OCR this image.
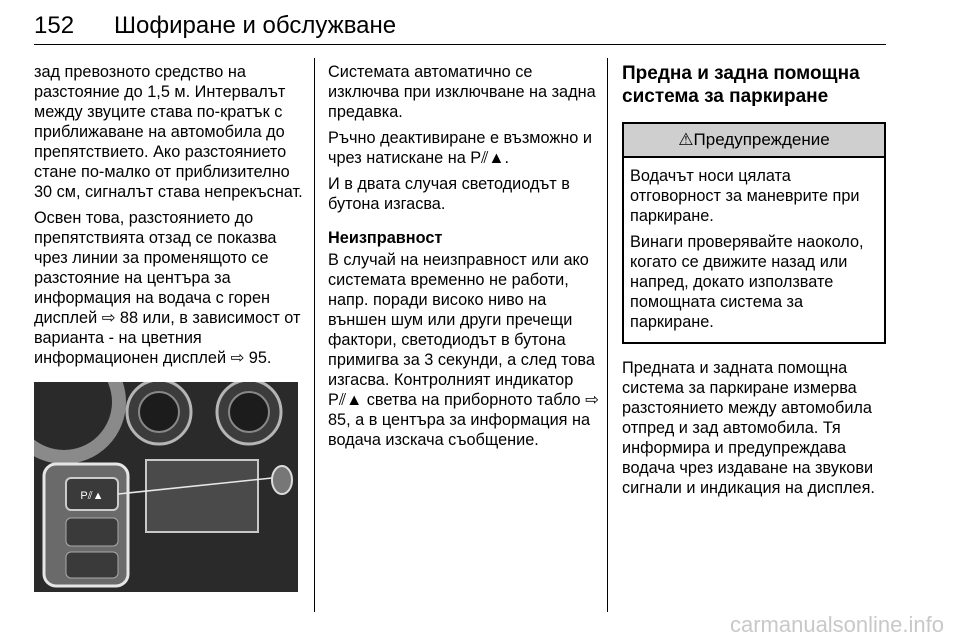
152 Шофиране и обслужване

зад превозното средство на разстояние до 1,5 м. Интервалът между звуците става по-кратък с приближаване на автомобила до препятствието. Ако разстоянието стане по-малко от приблизително 30 см, сигналът става непрекъснат.

Освен това, разстоянието до препятствията отзад се показва чрез линии за променящото се разстояние на центъра за информация на водача с горен дисплей ⇨ 88 или, в зависимост от варианта - на цветния информационен дисплей ⇨ 95.

P⫽▲

Системата автоматично се изключва при изключване на задна предавка.

Ръчно деактивиране е възможно и чрез натискане на P⫽▲.

И в двата случая светодиодът в бутона изгасва.

Неизправност

В случай на неизправност или ако системата временно не работи, напр. поради високо ниво на външен шум или други пречещи фактори, светодиодът в бутона примигва за 3 секунди, а след това изгасва. Контролният индикатор P⫽▲ светва на приборното табло ⇨ 85, а в центъра за информация на водача изскача съобщение.

Предна и задна помощна система за паркиране
⚠Предупреждение

Водачът носи цялата отговорност за маневрите при паркиране.

Винаги проверявайте наоколо, когато се движите назад или напред, докато използвате помощната система за паркиране.

Предната и задната помощна система за паркиране измерва разстоянието между автомобила отпред и зад автомобила. Тя информира и предупреждава водача чрез издаване на звукови сигнали и индикация на дисплея.

carmanualsonline.info
